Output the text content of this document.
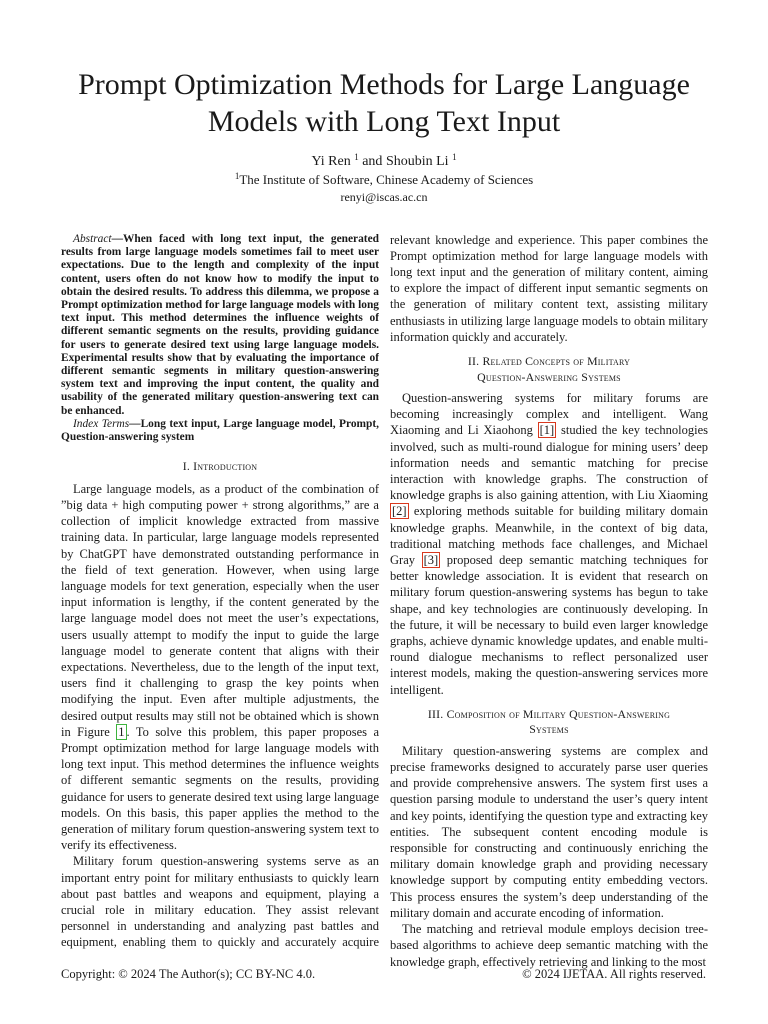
Prompt Optimization Methods for Large Language
Models with Long Text Input
Yi Ren $^1$ and Shoubin Li $^1$
$^1$The Institute of Software, Chinese Academy of Sciences
renyi@iscas.ac.cn

Abstract—When faced with long text input, the generated results from large language models sometimes fail to meet user expectations. Due to the length and complexity of the input content, users often do not know how to modify the input to obtain the desired results. To address this dilemma, we propose a Prompt optimization method for large language models with long text input. This method determines the influence weights of different semantic segments on the results, providing guidance for users to generate desired text using large language models. Experimental results show that by evaluating the importance of different semantic segments in military question-answering system text and improving the input content, the quality and usability of the generated military question-answering text can be enhanced.

Index Terms—Long text input, Large language model, Prompt, Question-answering system

I. Introduction

Large language models, as a product of the combination of ”big data + high computing power + strong algorithms,” are a collection of implicit knowledge extracted from massive training data. In particular, large language models represented by ChatGPT have demonstrated outstanding performance in the field of text generation. However, when using large language models for text generation, especially when the user input information is lengthy, if the content generated by the large language model does not meet the user’s expectations, users usually attempt to modify the input to guide the large language model to generate content that aligns with their expectations. Nevertheless, due to the length of the input text, users find it challenging to grasp the key points when modifying the input. Even after multiple adjustments, the desired output results may still not be obtained which is shown in Figure 1 . To solve this problem, this paper proposes a Prompt optimization method for large language models with long text input. This method determines the influence weights of different semantic segments on the results, providing guidance for users to generate desired text using large language models. On this basis, this paper applies the method to the generation of military forum question-answering system text to verify its effectiveness.

Military forum question-answering systems serve as an important entry point for military enthusiasts to quickly learn about past battles and weapons and equipment, playing a crucial role in military education. They assist relevant personnel in understanding and analyzing past battles and equipment, enabling them to quickly and accurately acquire

relevant knowledge and experience. This paper combines the Prompt optimization method for large language models with long text input and the generation of military content, aiming to explore the impact of different input semantic segments on the generation of military content text, assisting military enthusiasts in utilizing large language models to obtain military information quickly and accurately.

II. Related Concepts of Military
Question-Answering Systems

Question-answering systems for military forums are becoming increasingly complex and intelligent. Wang Xiaoming and Li Xiaohong [1] studied the key technologies involved, such as multi-round dialogue for mining users’ deep information needs and semantic matching for precise interaction with knowledge graphs. The construction of knowledge graphs is also gaining attention, with Liu Xiaoming [2] exploring methods suitable for building military domain knowledge graphs. Meanwhile, in the context of big data, traditional matching methods face challenges, and Michael Gray [3] proposed deep semantic matching techniques for better knowledge association. It is evident that research on military forum question-answering systems has begun to take shape, and key technologies are continuously developing. In the future, it will be necessary to build even larger knowledge graphs, achieve dynamic knowledge updates, and enable multi-round dialogue mechanisms to reflect personalized user interest models, making the question-answering services more intelligent.

III. Composition of Military Question-Answering
Systems

Military question-answering systems are complex and precise frameworks designed to accurately parse user queries and provide comprehensive answers. The system first uses a question parsing module to understand the user’s query intent and key points, identifying the question type and extracting key entities. The subsequent content encoding module is responsible for constructing and continuously enriching the military domain knowledge graph and providing necessary knowledge support by computing entity embedding vectors. This process ensures the system’s deep understanding of the military domain and accurate encoding of information.

The matching and retrieval module employs decision tree-based algorithms to achieve deep semantic matching with the knowledge graph, effectively retrieving and linking to the most

Copyright: © 2024 The Author(s); CC BY-NC 4.0.	© 2024 IJETAA. All rights reserved.
